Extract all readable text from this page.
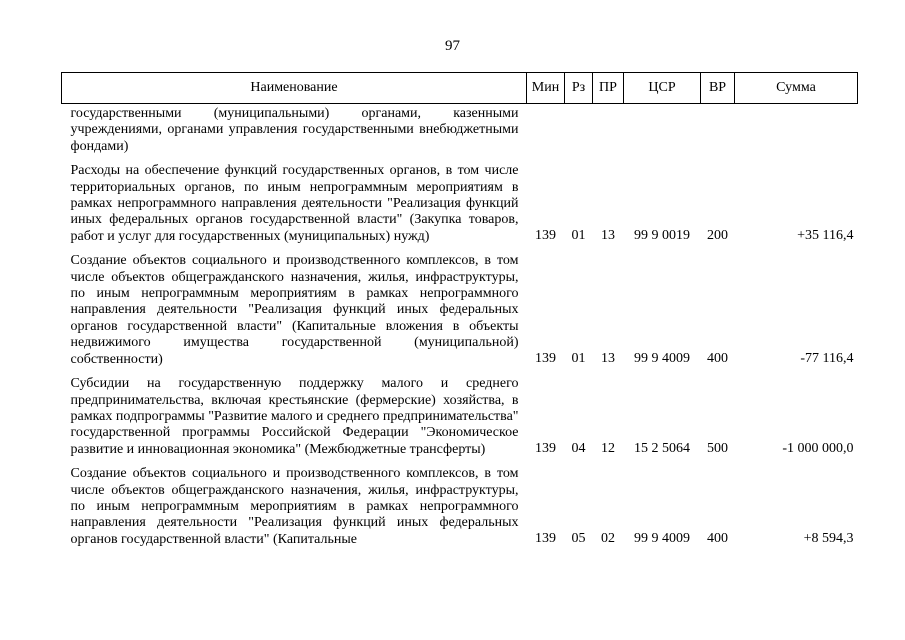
97
Наименование	Мин	Рз	ПР	ЦСР	ВР	Сумма
государственными (муниципальными) органами, казенными учреждениями, органами управления государственными внебюджетными фондами)						
Расходы на обеспечение функций государственных органов, в том числе территориальных органов, по иным непрограммным мероприятиям в рамках непрограммного направления деятельности "Реализация функций иных федеральных органов государственной власти" (Закупка товаров, работ и услуг для государственных (муниципальных) нужд)	139	01	13	99 9 0019	200	+35 116,4
Создание объектов социального и производственного комплексов, в том числе объектов общегражданского назначения, жилья, инфраструктуры, по иным непрограммным мероприятиям в рамках непрограммного направления деятельности "Реализация функций иных федеральных органов государственной власти" (Капитальные вложения в объекты недвижимого имущества государственной (муниципальной) собственности)	139	01	13	99 9 4009	400	-77 116,4
Субсидии на государственную поддержку малого и среднего предпринимательства, включая крестьянские (фермерские) хозяйства, в рамках подпрограммы "Развитие малого и среднего предпринимательства" государственной программы Российской Федерации "Экономическое развитие и инновационная экономика" (Межбюджетные трансферты)	139	04	12	15 2 5064	500	-1 000 000,0
Создание объектов социального и производственного комплексов, в том числе объектов общегражданского назначения, жилья, инфраструктуры, по иным непрограммным мероприятиям в рамках непрограммного направления деятельности "Реализация функций иных федеральных органов государственной власти" (Капитальные	139	05	02	99 9 4009	400	+8 594,3
